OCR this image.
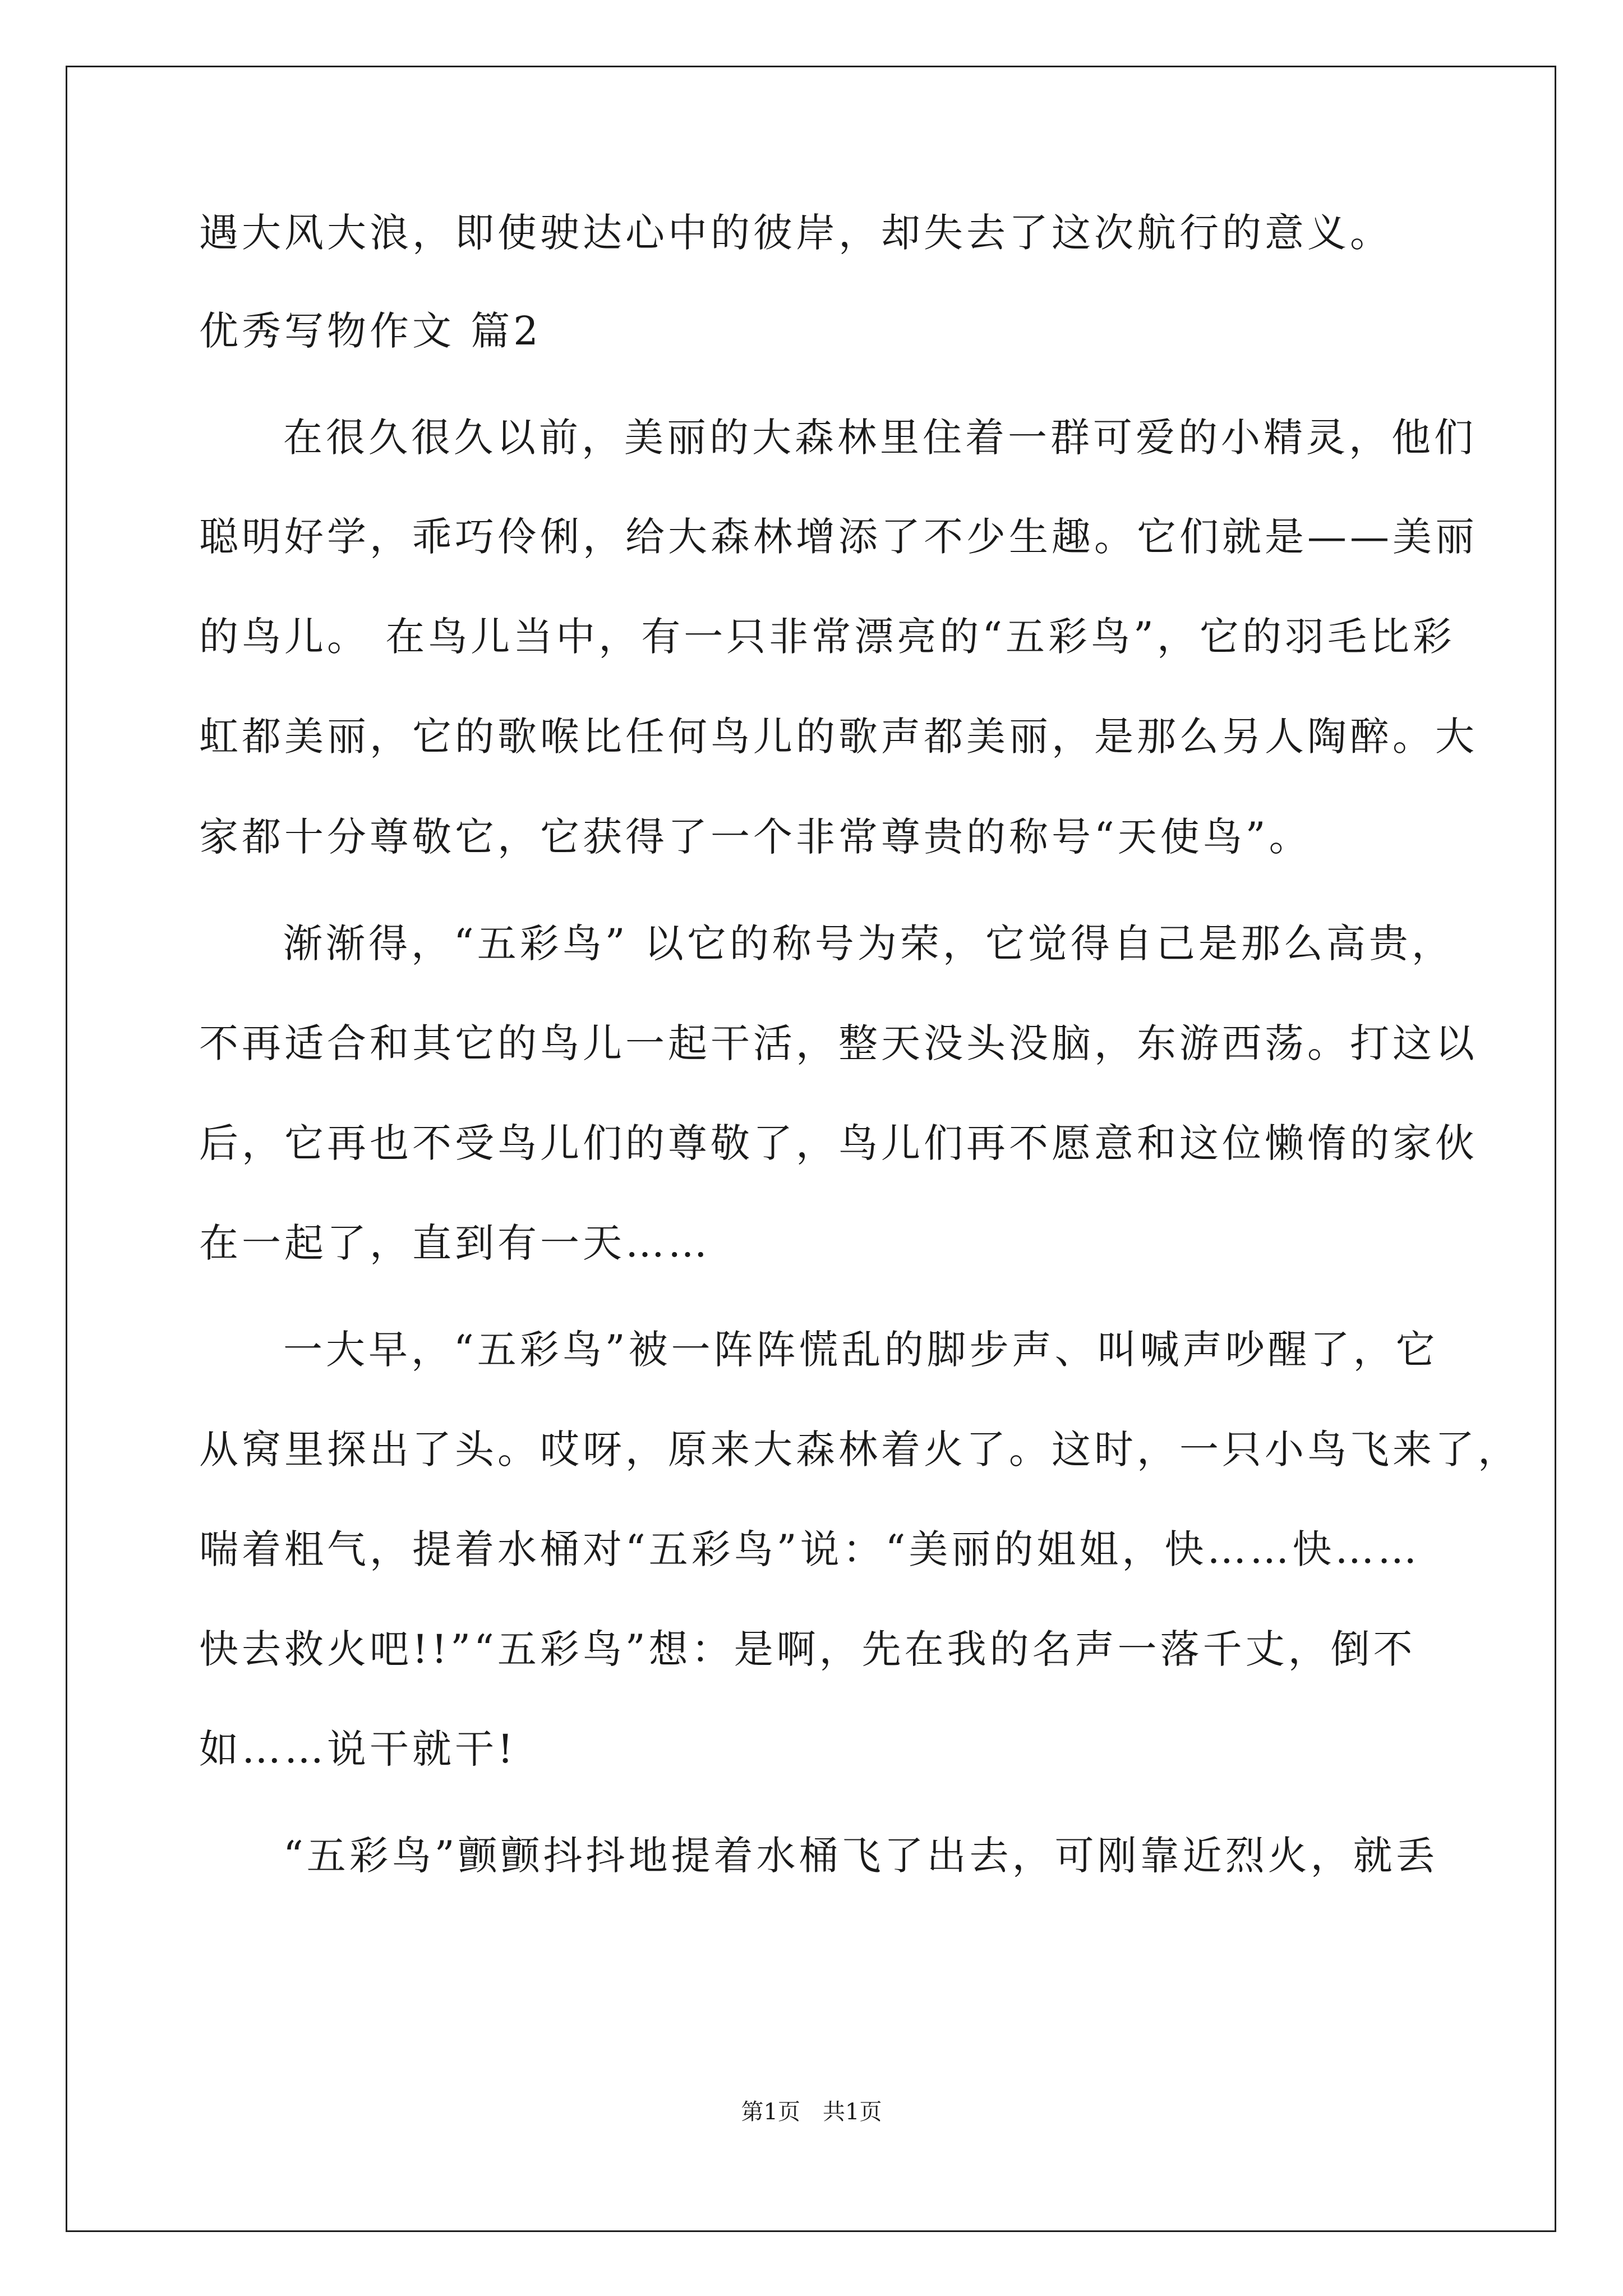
遇大风大浪，即使驶达心中的彼岸，却失去了这次航行的意义。
优秀写物作文 篇2
在很久很久以前，美丽的大森林里住着一群可爱的小精灵，他们
聪明好学，乖巧伶俐，给大森林增添了不少生趣。它们就是——美丽
的鸟儿。 在鸟儿当中，有一只非常漂亮的“五彩鸟”，它的羽毛比彩
虹都美丽，它的歌喉比任何鸟儿的歌声都美丽，是那么另人陶醉。大
家都十分尊敬它，它获得了一个非常尊贵的称号“天使鸟”。
渐渐得，“五彩鸟” 以它的称号为荣，它觉得自己是那么高贵，
不再适合和其它的鸟儿一起干活，整天没头没脑，东游西荡。打这以
后，它再也不受鸟儿们的尊敬了，鸟儿们再不愿意和这位懒惰的家伙
在一起了，直到有一天……
一大早，“五彩鸟”被一阵阵慌乱的脚步声、叫喊声吵醒了，它
从窝里探出了头。哎呀，原来大森林着火了。这时，一只小鸟飞来了，
喘着粗气，提着水桶对“五彩鸟”说：“美丽的姐姐，快……快……
快去救火吧!!”“五彩鸟”想：是啊，先在我的名声一落千丈，倒不
如……说干就干!
“五彩鸟”颤颤抖抖地提着水桶飞了出去，可刚靠近烈火，就丢
第1页　共1页
